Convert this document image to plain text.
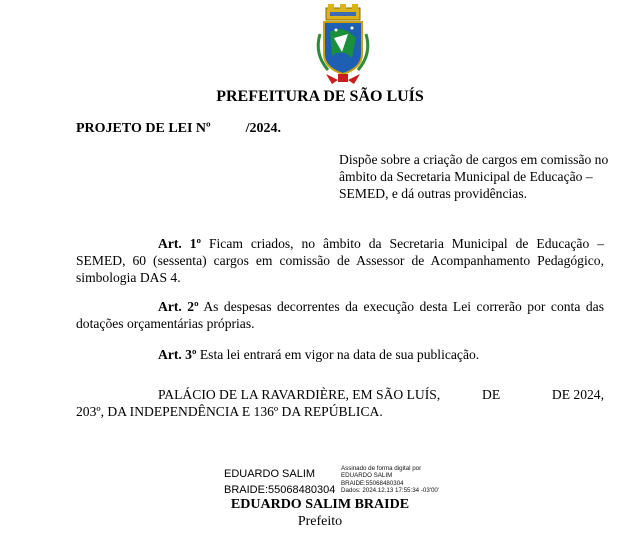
PREFEITURA DE SÃO LUÍS
PROJETO DE LEI Nº	/2024.
Dispõe sobre a criação de cargos em comissão no âmbito da Secretaria Municipal de Educação – SEMED, e dá outras providências.
Art. 1º Ficam criados, no âmbito da Secretaria Municipal de Educação – SEMED, 60 (sessenta) cargos em comissão de Assessor de Acompanhamento Pedagógico, simbologia DAS 4.
Art. 2º As despesas decorrentes da execução desta Lei correrão por conta das dotações orçamentárias próprias.
Art. 3º Esta lei entrará em vigor na data de sua publicação.
PALÁCIO DE LA RAVARDIÈRE, EM SÃO LUÍS,	DE	DE 2024,
203º, DA INDEPENDÊNCIA E 136º DA REPÚBLICA.
EDUARDO SALIM
BRAIDE:55068480304
Assinado de forma digital por
EDUARDO SALIM
BRAIDE:55068480304
Dados: 2024.12.13 17:55:34 -03'00'
EDUARDO SALIM BRAIDE
Prefeito
